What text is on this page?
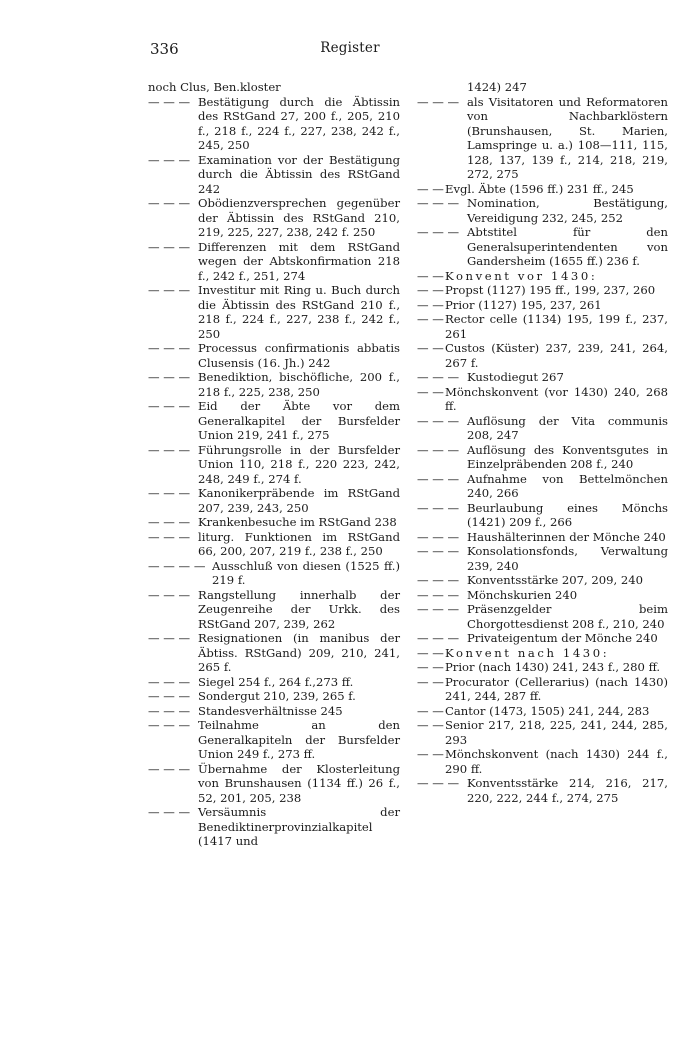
336	Register
noch Clus, Ben.kloster
— — — Bestätigung durch die Äbtissin des RStGand 27, 200 f., 205, 210 f., 218 f., 224 f., 227, 238, 242 f., 245, 250
— — — Examination vor der Bestätigung durch die Äbtissin des RStGand 242
— — — Obödienzversprechen gegenüber der Äbtissin des RStGand 210, 219, 225, 227, 238, 242 f. 250
— — — Differenzen mit dem RStGand wegen der Abtskonfirmation 218 f., 242 f., 251, 274
— — — Investitur mit Ring u. Buch durch die Äbtissin des RStGand 210 f., 218 f., 224 f., 227, 238 f., 242 f., 250
— — — Processus confirmationis abbatis Clusensis (16. Jh.) 242
— — — Benediktion, bischöfliche, 200 f., 218 f., 225, 238, 250
— — — Eid der Äbte vor dem Generalkapitel der Bursfelder Union 219, 241 f., 275
— — — Führungsrolle in der Bursfelder Union 110, 218 f., 220 223, 242, 248, 249 f., 274 f.
— — — Kanonikerpräbende im RStGand 207, 239, 243, 250
— — — Krankenbesuche im RStGand 238
— — — liturg. Funktionen im RStGand 66, 200, 207, 219 f., 238 f., 250
— — — — Ausschluß von diesen (1525 ff.) 219 f.
— — — Rangstellung innerhalb der Zeugenreihe der Urkk. des RStGand 207, 239, 262
— — — Resignationen (in manibus der Äbtiss. RStGand) 209, 210, 241, 265 f.
— — — Siegel 254 f., 264 f.,273 ff.
— — — Sondergut 210, 239, 265 f.
— — — Standesverhältnisse 245
— — — Teilnahme an den Generalkapiteln der Bursfelder Union 249 f., 273 ff.
— — — Übernahme der Klosterleitung von Brunshausen (1134 ff.) 26 f., 52, 201, 205, 238
— — — Versäumnis der Benediktinerprovinzialkapitel (1417 und
1424) 247
— — — als Visitatoren und Reformatoren von Nachbarklöstern (Brunshausen, St. Marien, Lamspringe u. a.) 108—111, 115, 128, 137, 139 f., 214, 218, 219, 272, 275
— — Evgl. Äbte (1596 ff.) 231 ff., 245
— — — Nomination, Bestätigung, Vereidigung 232, 245, 252
— — — Abtstitel für den Generalsuperintendenten von Gandersheim (1655 ff.) 236 f.
— — Konvent vor 1430:
— — Propst (1127) 195 ff., 199, 237, 260
— — Prior (1127) 195, 237, 261
— — Rector celle (1134) 195, 199 f., 237, 261
— — Custos (Küster) 237, 239, 241, 264, 267 f.
— — — Kustodiegut 267
— — Mönchskonvent (vor 1430) 240, 268 ff.
— — — Auflösung der Vita communis 208, 247
— — — Auflösung des Konventsgutes in Einzelpräbenden 208 f., 240
— — — Aufnahme von Bettelmönchen 240, 266
— — — Beurlaubung eines Mönchs (1421) 209 f., 266
— — — Haushälterinnen der Mönche 240
— — — Konsolationsfonds, Verwaltung 239, 240
— — — Konventsstärke 207, 209, 240
— — — Mönchskurien 240
— — — Präsenzgelder beim Chorgottesdienst 208 f., 210, 240
— — — Privateigentum der Mönche 240
— — Konvent nach 1430:
— — Prior (nach 1430) 241, 243 f., 280 ff.
— — Procurator (Cellerarius) (nach 1430) 241, 244, 287 ff.
— — Cantor (1473, 1505) 241, 244, 283
— — Senior 217, 218, 225, 241, 244, 285, 293
— — Mönchskonvent (nach 1430) 244 f., 290 ff.
— — — Konventsstärke 214, 216, 217, 220, 222, 244 f., 274, 275
